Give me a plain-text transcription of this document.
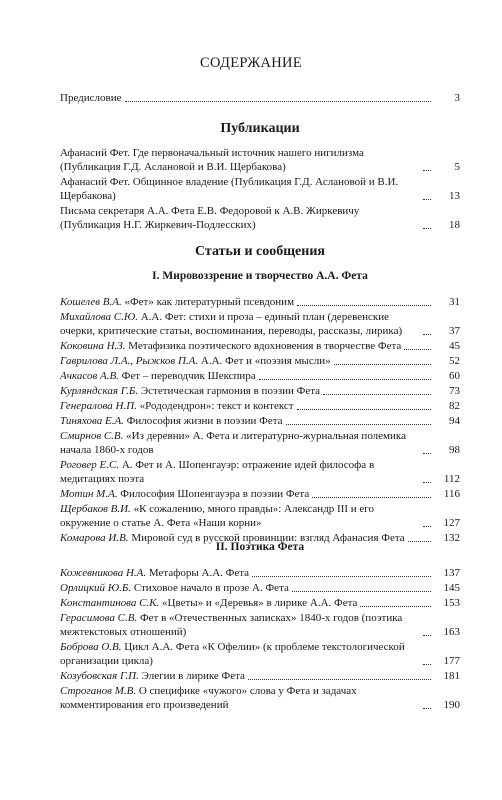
СОДЕРЖАНИЕ
Предисловие	3
Публикации
Афанасий Фет. Где первоначальный источник нашего нигилизма (Публикация Г.Д. Аслановой и В.И. Щербакова)	5
Афанасий Фет. Общинное владение (Публикация Г.Д. Аслановой и В.И. Щербакова)	13
Письма секретаря А.А. Фета Е.В. Федоровой к А.В. Жиркевичу (Публикация Н.Г. Жиркевич-Подлесских)	18
Статьи и сообщения
I. Мировоззрение и творчество А.А. Фета
Кошелев В.А. «Фет» как литературный псевдоним	31
Михайлова С.Ю. А.А. Фет: стихи и проза – единый план (деревенские очерки, критические статьи, воспоминания, переводы, рассказы, лирика)	37
Коковина Н.З. Метафизика поэтического вдохновения в творчестве Фета	45
Гаврилова Л.А., Рыжков П.А. А.А. Фет и «поэзия мысли»	52
Ачкасов А.В. Фет – переводчик Шекспира	60
Курляндская Г.Б. Эстетическая гармония в поэзии Фета	73
Генералова Н.П. «Рододендрон»: текст и контекст	82
Тиняхова Е.А. Философия жизни в поэзии Фета	94
Смирнов С.В. «Из деревни» А. Фета и литературно-журнальная полемика начала 1860-х годов	98
Роговер Е.С. А. Фет и А. Шопенгауэр: отражение идей философа в медитациях поэта	112
Мотин М.А. Философия Шопенгауэра в поэзии Фета	116
Щербаков В.И. «К сожалению, много правды»: Александр III и его окружение о статье А. Фета «Наши корни»	127
Комарова И.В. Мировой суд в русской провинции: взгляд Афанасия Фета	132
II. Поэтика Фета
Кожевникова Н.А. Метафоры А.А. Фета	137
Орлицкий Ю.Б. Стиховое начало в прозе А. Фета	145
Константинова С.К. «Цветы» и «Деревья» в лирике А.А. Фета	153
Герасимова С.В. Фет в «Отечественных записках» 1840-х годов (поэтика межтекстовых отношений)	163
Боброва О.В. Цикл А.А. Фета «К Офелии» (к проблеме текстологической организации цикла)	177
Козубовская Г.П. Элегии в лирике Фета	181
Строганов М.В. О специфике «чужого» слова у Фета и задачах комментирования его произведений	190
